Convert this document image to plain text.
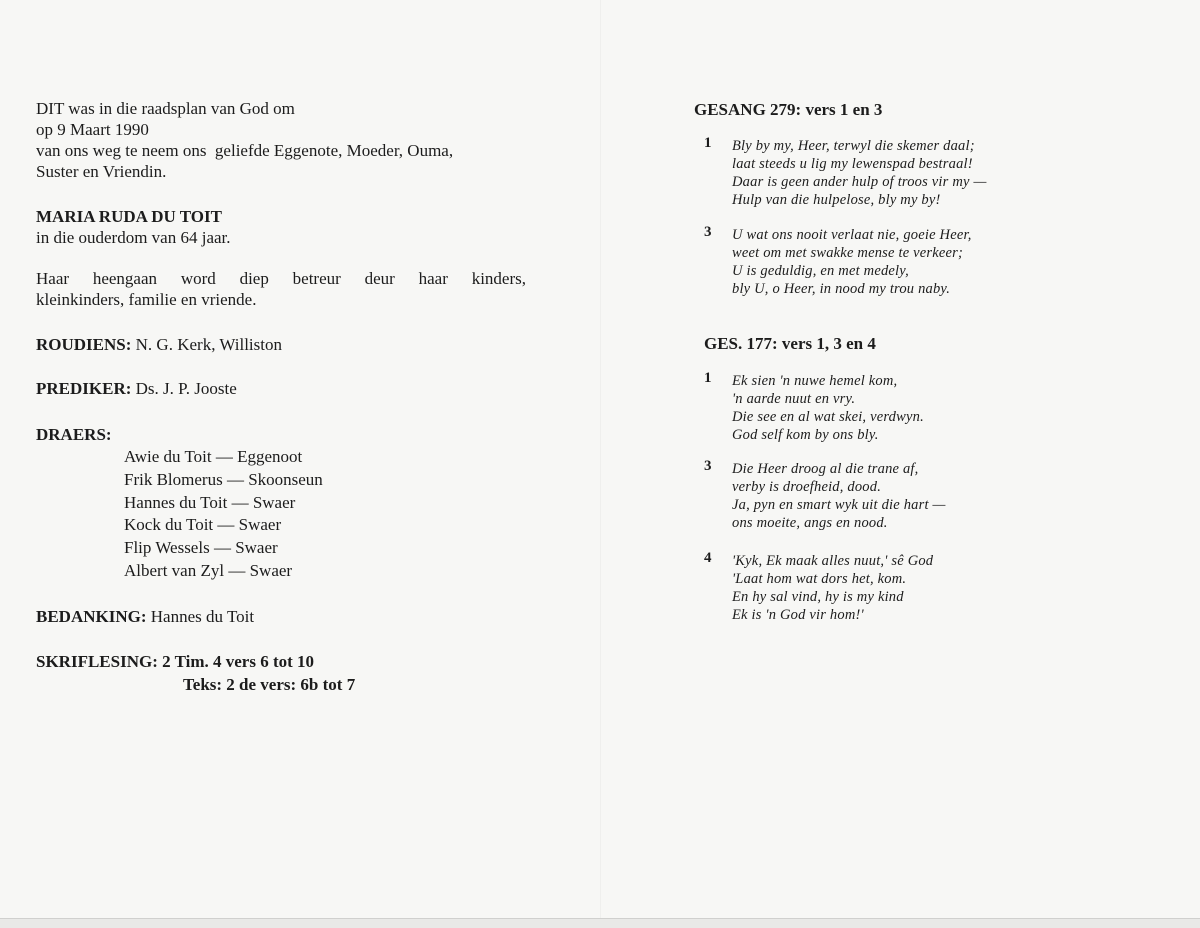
DIT was in die raadsplan van God om

op 9 Maart 1990

van ons weg te neem ons  geliefde Eggenote, Moeder, Ouma,

Suster en Vriendin.

MARIA RUDA DU TOIT

in die ouderdom van 64 jaar.

Haar heengaan word diep betreur deur haar kinders,

kleinkinders, familie en vriende.

ROUDIENS: N. G. Kerk, Williston
PREDIKER: Ds. J. P. Jooste
DRAERS:
Awie du Toit — Eggenoot
Frik Blomerus — Skoonseun
Hannes du Toit — Swaer
Kock du Toit — Swaer
Flip Wessels — Swaer
Albert van Zyl — Swaer
BEDANKING: Hannes du Toit
SKRIFLESING: 2 Tim. 4 vers 6 tot 10
Teks: 2 de vers: 6b tot 7
GESANG 279: vers 1 en 3
1 Bly by my, Heer, terwyl die skemer daal;
laat steeds u lig my lewenspad bestraal!
Daar is geen ander hulp of troos vir my —
Hulp van die hulpelose, bly my by!
3 U wat ons nooit verlaat nie, goeie Heer,
weet om met swakke mense te verkeer;
U is geduldig, en met medely,
bly U, o Heer, in nood my trou naby.
GES. 177: vers 1, 3 en 4
1 Ek sien 'n nuwe hemel kom,
'n aarde nuut en vry.
Die see en al wat skei, verdwyn.
God self kom by ons bly.
3 Die Heer droog al die trane af,
verby is droefheid, dood.
Ja, pyn en smart wyk uit die hart —
ons moeite, angs en nood.
4 'Kyk, Ek maak alles nuut,' sê God
'Laat hom wat dors het, kom.
En hy sal vind, hy is my kind
Ek is 'n God vir hom!'
